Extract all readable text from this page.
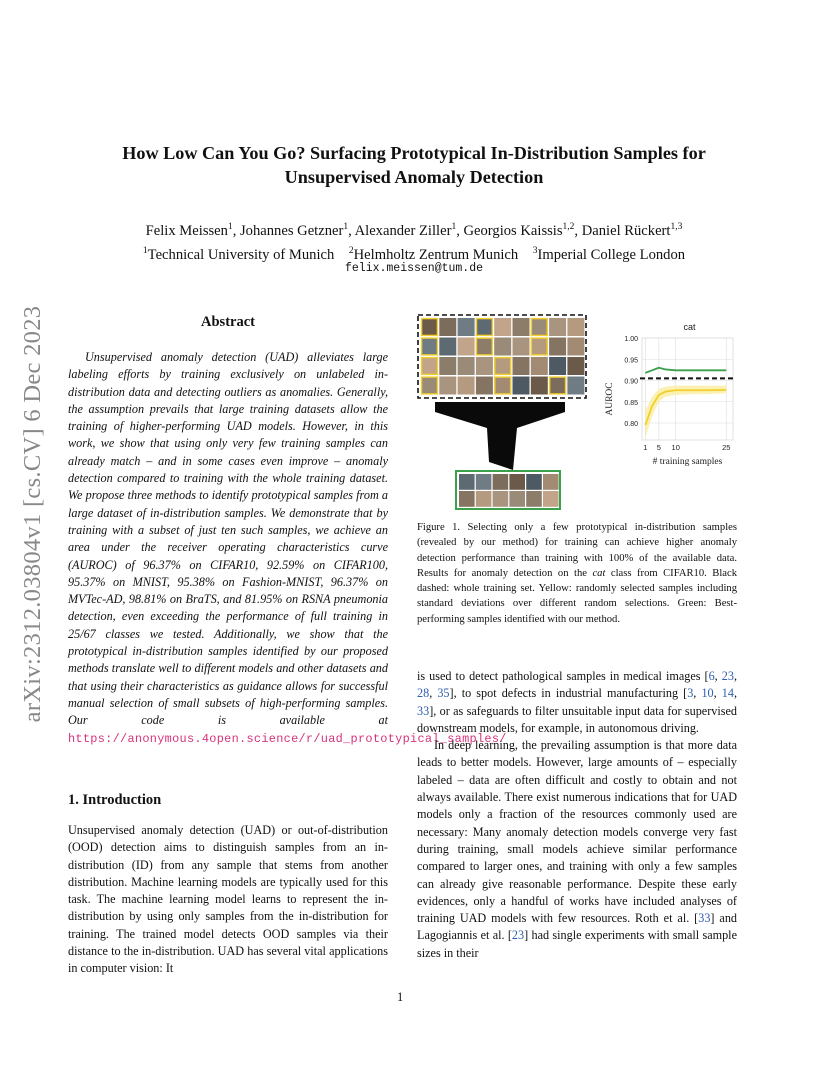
How Low Can You Go? Surfacing Prototypical In-Distribution Samples for
Unsupervised Anomaly Detection
Felix Meissen$^1$, Johannes Getzner$^1$, Alexander Ziller$^1$, Georgios Kaissis$^{1,2}$, Daniel Rückert$^{1,3}$
$^1$Technical University of Munich $^2$Helmholtz Zentrum Munich $^3$Imperial College London
felix.meissen@tum.de
arXiv:2312.03804v1 [cs.CV] 6 Dec 2023	Abstract
Unsupervised anomaly detection (UAD) alleviates large labeling efforts by training exclusively on unlabeled in-distribution data and detecting outliers as anomalies. Generally, the assumption prevails that large training datasets allow the training of higher-performing UAD models. However, in this work, we show that using only very few training samples can already match – and in some cases even improve – anomaly detection compared to training with the whole training dataset. We propose three methods to identify prototypical samples from a large dataset of in-distribution samples. We demonstrate that by training with a subset of just ten such samples, we achieve an area under the receiver operating characteristics curve (AUROC) of 96.37% on CIFAR10, 92.59% on CIFAR100, 95.37% on MNIST, 95.38% on Fashion-MNIST, 96.37% on MVTec-AD, 98.81% on BraTS, and 81.95% on RSNA pneumonia detection, even exceeding the performance of full training in 25/67 classes we tested. Additionally, we show that the prototypical in-distribution samples identified by our proposed methods translate well to different models and other datasets and that using their characteristics as guidance allows for successful manual selection of small subsets of high-performing samples. Our code is available at https://anonymous.4open.science/r/uad_prototypical_samples/
1. Introduction
Unsupervised anomaly detection (UAD) or out-of-distribution (OOD) detection aims to distinguish samples from an in-distribution (ID) from any sample that stems from another distribution. Machine learning models are typically used for this task. The machine learning model learns to represent the in-distribution by using only samples from the in-distribution for training. The trained model detects OOD samples via their distance to the in-distribution. UAD has several vital applications in computer vision: It
0.80
0.85
0.90
0.95
1.00
1 5 10	25
cat
# training samples
AUROC
Figure 1. Selecting only a few prototypical in-distribution samples (revealed by our method) for training can achieve higher anomaly detection performance than training with 100% of the available data. Results for anomaly detection on the cat class from CIFAR10. Black dashed: whole training set. Yellow: randomly selected samples including standard deviations over different random selections. Green: Best-performing samples identified with our method.
is used to detect pathological samples in medical images [6, 23, 28, 35], to spot defects in industrial manufacturing [3, 10, 14, 33], or as safeguards to filter unsuitable input data for supervised downstream models, for example, in autonomous driving.
In deep learning, the prevailing assumption is that more data leads to better models. However, large amounts of – especially labeled – data are often difficult and costly to obtain and not always available. There exist numerous indications that for UAD models only a fraction of the resources commonly used are necessary: Many anomaly detection models converge very fast during training, small models achieve similar performance compared to larger ones, and training with only a few samples can already give reasonable performance. Despite these early evidences, only a handful of works have included analyses of training UAD models with few resources. Roth et al. [33] and Lagogiannis et al. [23] had single experiments with small sample sizes in their
1
